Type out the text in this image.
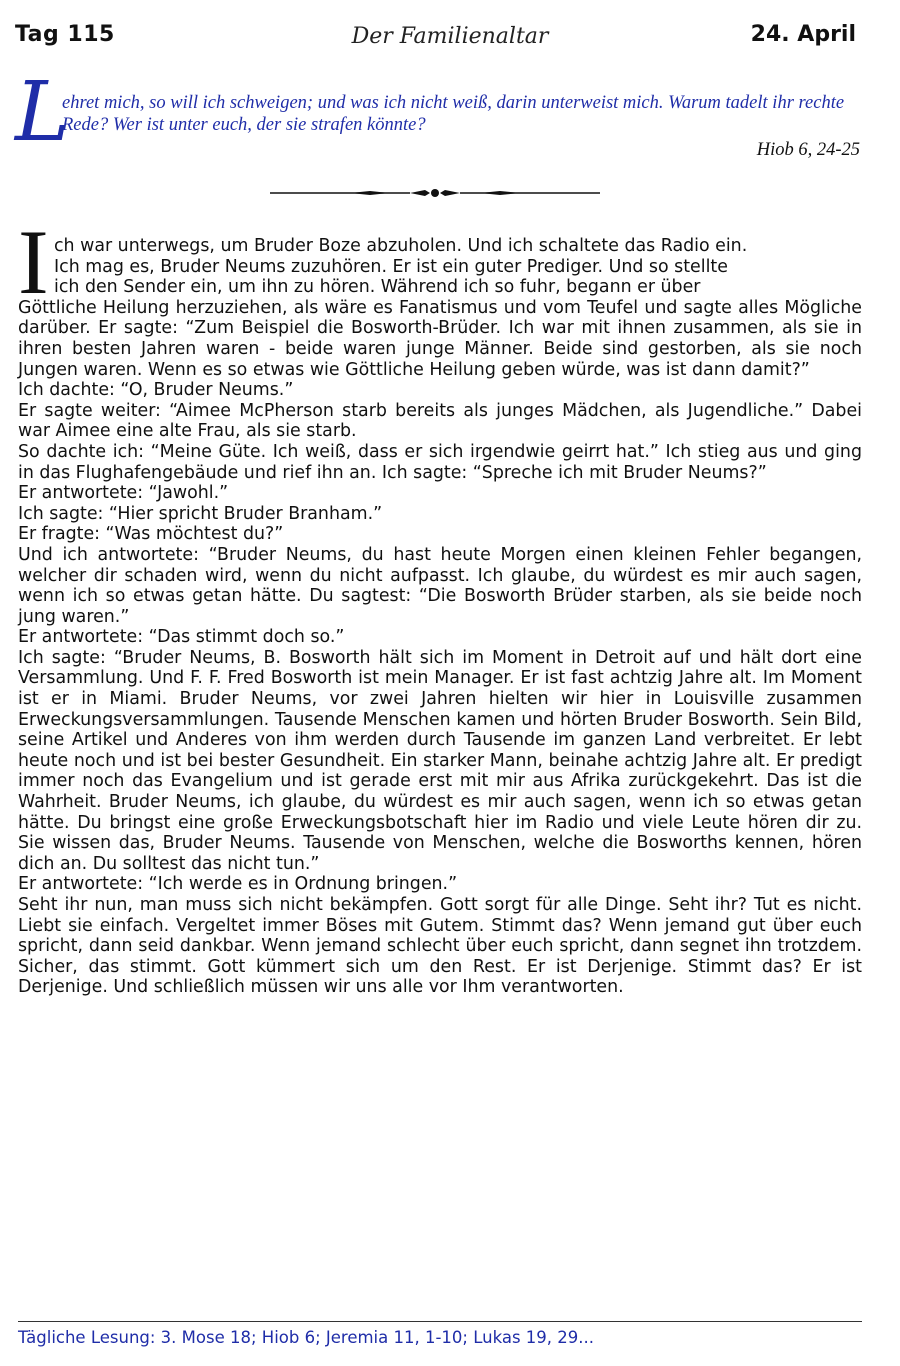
Tag 115	Der Familienaltar	24. April
L
ehret mich, so will ich schweigen; und was ich nicht weiß, darin unterweist mich. Warum tadelt ihr rechte Rede? Wer ist unter euch, der sie strafen könnte?
Hiob 6, 24-25
I ch war unterwegs, um Bruder Boze abzuholen. Und ich schaltete das Radio ein.
Ich mag es, Bruder Neums zuzuhören. Er ist ein guter Prediger. Und so stellte
ich den Sender ein, um ihn zu hören. Während ich so fuhr, begann er über

Göttliche Heilung herzuziehen, als wäre es Fanatismus und vom Teufel und sagte alles Mögliche darüber. Er sagte: “Zum Beispiel die Bosworth-Brüder. Ich war mit ihnen zusammen, als sie in ihren besten Jahren waren - beide waren junge Männer. Beide sind gestorben, als sie noch Jungen waren. Wenn es so etwas wie Göttliche Heilung geben würde, was ist dann damit?”

Ich dachte: “O, Bruder Neums.”

Er sagte weiter: “Aimee McPherson starb bereits als junges Mädchen, als Jugendliche.” Dabei war Aimee eine alte Frau, als sie starb.

So dachte ich: “Meine Güte. Ich weiß, dass er sich irgendwie geirrt hat.” Ich stieg aus und ging in das Flughafengebäude und rief ihn an. Ich sagte: “Spreche ich mit Bruder Neums?”

Er antwortete: “Jawohl.”

Ich sagte: “Hier spricht Bruder Branham.”

Er fragte: “Was möchtest du?”

Und ich antwortete: “Bruder Neums, du hast heute Morgen einen kleinen Fehler begangen, welcher dir schaden wird, wenn du nicht aufpasst. Ich glaube, du würdest es mir auch sagen, wenn ich so etwas getan hätte. Du sagtest: “Die Bosworth Brüder starben, als sie beide noch jung waren.”

Er antwortete: “Das stimmt doch so.”

Ich sagte: “Bruder Neums, B. Bosworth hält sich im Moment in Detroit auf und hält dort eine Versammlung. Und F. F. Fred Bosworth ist mein Manager. Er ist fast achtzig Jahre alt. Im Moment ist er in Miami. Bruder Neums, vor zwei Jahren hielten wir hier in Louisville zusammen Erweckungsversammlungen. Tausende Menschen kamen und hörten Bruder Bosworth. Sein Bild, seine Artikel und Anderes von ihm werden durch Tausende im ganzen Land verbreitet. Er lebt heute noch und ist bei bester Gesundheit. Ein starker Mann, beinahe achtzig Jahre alt. Er predigt immer noch das Evangelium und ist gerade erst mit mir aus Afrika zurückgekehrt. Das ist die Wahrheit. Bruder Neums, ich glaube, du würdest es mir auch sagen, wenn ich so etwas getan hätte. Du bringst eine große Erweckungsbotschaft hier im Radio und viele Leute hören dir zu. Sie wissen das, Bruder Neums. Tausende von Menschen, welche die Bosworths kennen, hören dich an. Du solltest das nicht tun.”

Er antwortete: “Ich werde es in Ordnung bringen.”

Seht ihr nun, man muss sich nicht bekämpfen. Gott sorgt für alle Dinge. Seht ihr? Tut es nicht. Liebt sie einfach. Vergeltet immer Böses mit Gutem. Stimmt das? Wenn jemand gut über euch spricht, dann seid dankbar. Wenn jemand schlecht über euch spricht, dann segnet ihn trotzdem. Sicher, das stimmt. Gott kümmert sich um den Rest. Er ist Derjenige. Stimmt das? Er ist Derjenige. Und schließlich müssen wir uns alle vor Ihm verantworten.

Tägliche Lesung: 3. Mose 18; Hiob 6; Jeremia 11, 1-10; Lukas 19, 29...
